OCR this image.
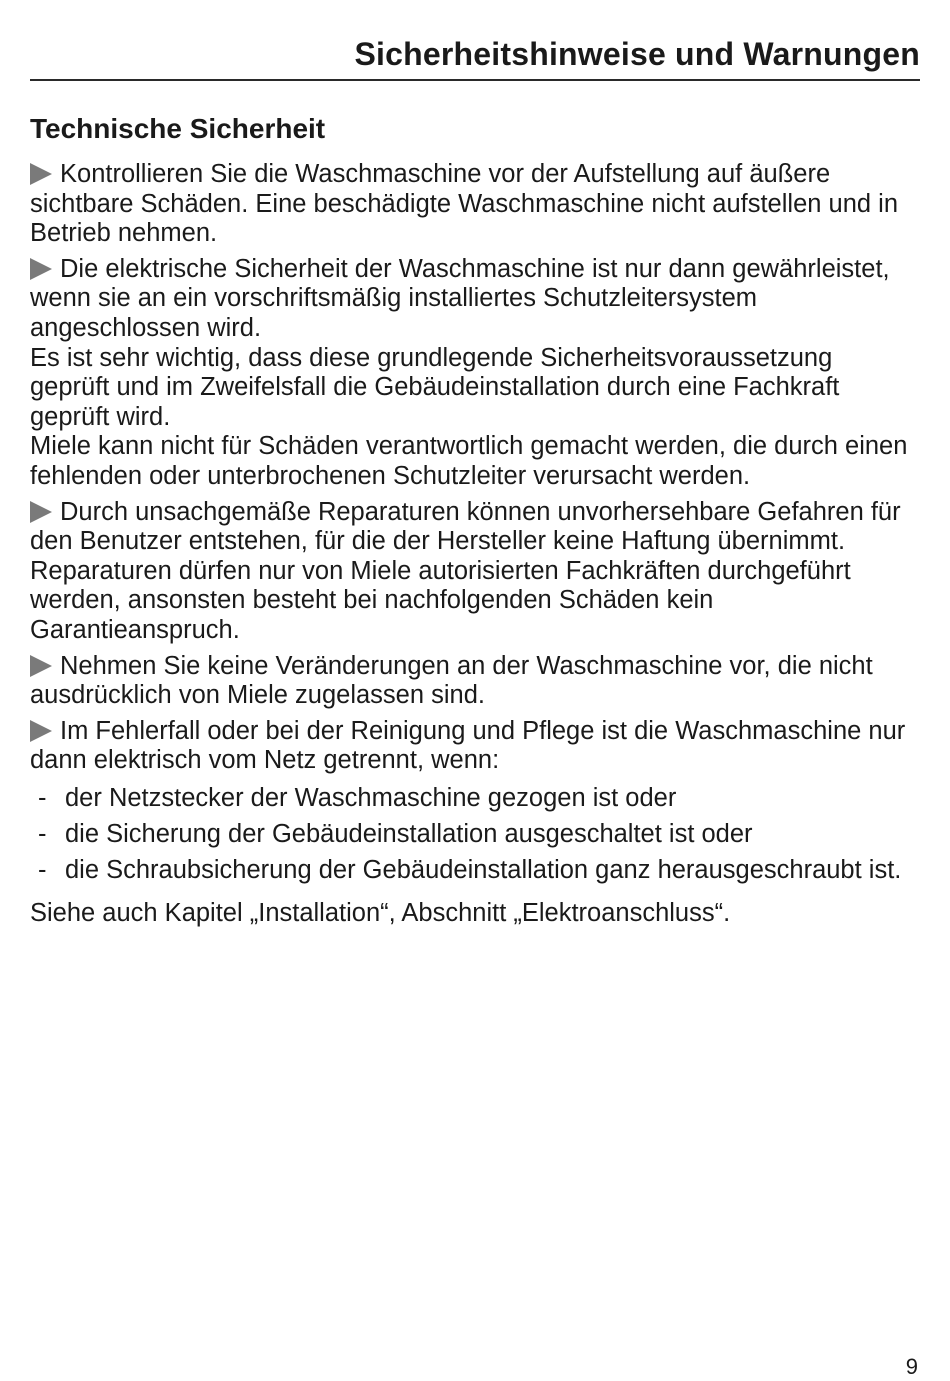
Sicherheitshinweise und Warnungen
Technische Sicherheit

Kontrollieren Sie die Waschmaschine vor der Aufstellung auf äußere sichtbare Schäden. Eine beschädigte Waschmaschine nicht aufstellen und in Betrieb nehmen.

Die elektrische Sicherheit der Waschmaschine ist nur dann gewährleistet, wenn sie an ein vorschriftsmäßig installiertes Schutzleitersystem angeschlossen wird.

Es ist sehr wichtig, dass diese grundlegende Sicherheitsvoraussetzung geprüft und im Zweifelsfall die Gebäudeinstallation durch eine Fachkraft geprüft wird.

Miele kann nicht für Schäden verantwortlich gemacht werden, die durch einen fehlenden oder unterbrochenen Schutzleiter verursacht werden.

Durch unsachgemäße Reparaturen können unvorhersehbare Gefahren für den Benutzer entstehen, für die der Hersteller keine Haftung übernimmt. Reparaturen dürfen nur von Miele autorisierten Fachkräften durchgeführt werden, ansonsten besteht bei nachfolgenden Schäden kein Garantieanspruch.

Nehmen Sie keine Veränderungen an der Waschmaschine vor, die nicht ausdrücklich von Miele zugelassen sind.

Im Fehlerfall oder bei der Reinigung und Pflege ist die Waschmaschine nur dann elektrisch vom Netz getrennt, wenn:

- der Netzstecker der Waschmaschine gezogen ist oder
- die Sicherung der Gebäudeinstallation ausgeschaltet ist oder
- die Schraubsicherung der Gebäudeinstallation ganz herausgeschraubt ist.

Siehe auch Kapitel „Installation“, Abschnitt „Elektroanschluss“.

9
